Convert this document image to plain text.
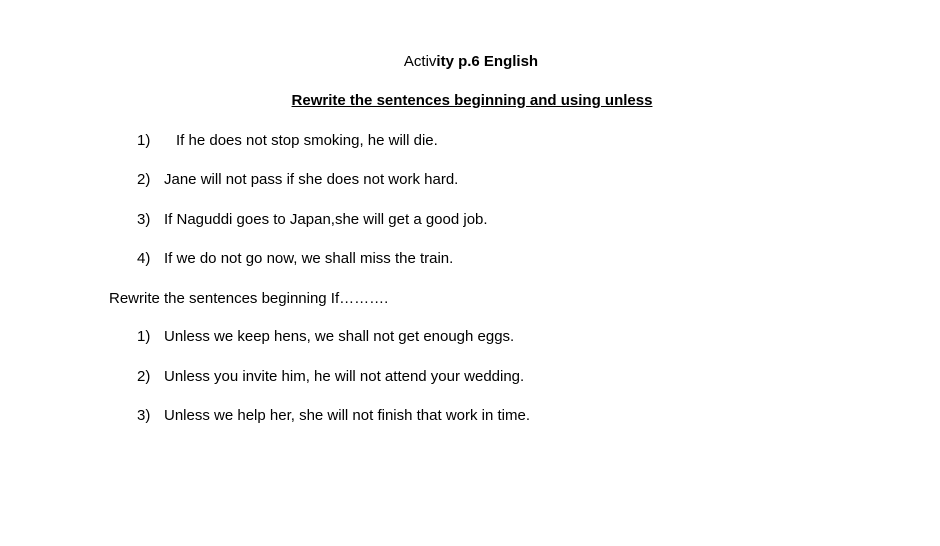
Activity p.6 English
Rewrite the sentences beginning and using unless
1) If he does not stop smoking, he will die.
2) Jane will not pass if she does not work hard.
3) If Naguddi goes to Japan,she will get a good job.
4) If we do not go now, we shall miss the train.
Rewrite the sentences beginning If……….
1) Unless we keep hens, we shall not get enough eggs.
2) Unless you invite him, he will not attend your wedding.
3) Unless we help her, she will not finish that work in time.
